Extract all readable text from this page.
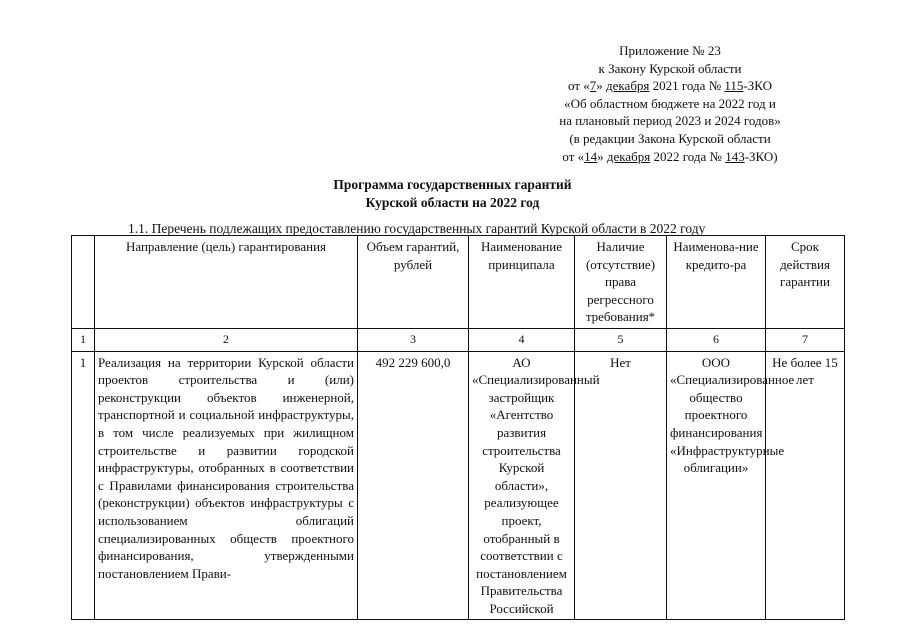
Приложение № 23
к Закону Курской области
от «7» декабря 2021 года № 115-ЗКО
«Об областном бюджете на 2022 год и
на плановый период 2023 и 2024 годов»
(в редакции Закона Курской области
от «14» декабря 2022 года № 143-ЗКО)
Программа государственных гарантий
Курской области на 2022 год
1.1. Перечень подлежащих предоставлению государственных гарантий Курской области в 2022 году
	Направление (цель) гарантирования	Объем гарантий, рублей	Наименование принципала	Наличие (отсутствие) права регрессного требования*	Наименова-ние кредито-ра	Срок действия гарантии
1	2	3	4	5	6	7
1	Реализация на территории Курской области проектов строительства и (или) реконструкции объектов инженерной, транспортной и социальной инфраструктуры, в том числе реализуемых при жилищном строительстве и развитии городской инфраструктуры, отобранных в соответствии с Правилами финансирования строительства (реконструкции) объектов инфраструктуры с использованием облигаций специализированных обществ проектного финансирования, утвержденными постановлением Прави-	492 229 600,0	АО «Специализированный застройщик «Агентство развития строительства Курской области», реализующее проект, отобранный в соответствии с постановлением Правительства Российской	Нет	ООО «Специализированное общество проектного финансирования «Инфраструктурные облигации»	Не более 15 лет
